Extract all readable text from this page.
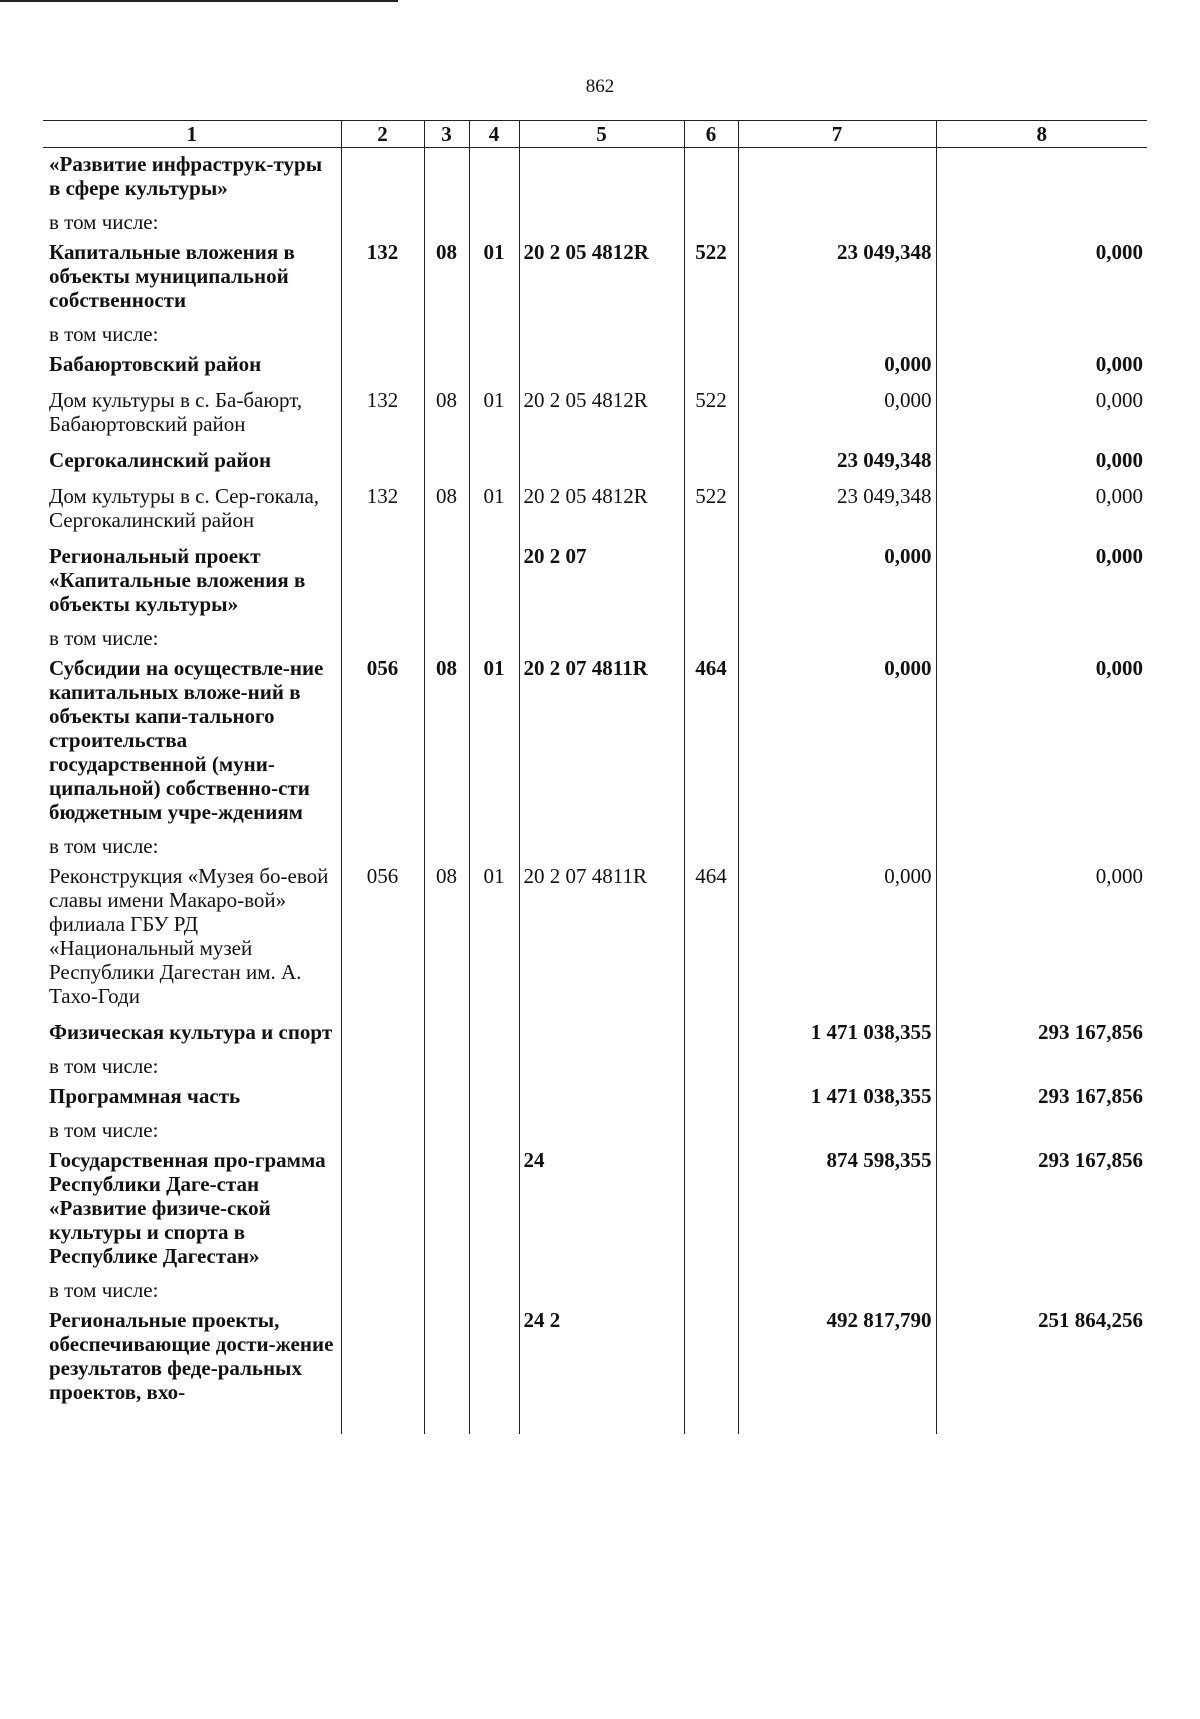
862
1	2	3	4	5	6	7	8
«Развитие инфраструк-туры в сфере культуры»							
в том числе:							
Капитальные вложения в объекты муниципальной собственности	132	08	01	20 2 05 4812R	522	23 049,348	0,000
в том числе:							
Бабаюртовский район						0,000	0,000
Дом культуры в с. Ба-баюрт, Бабаюртовский район	132	08	01	20 2 05 4812R	522	0,000	0,000
Сергокалинский район						23 049,348	0,000
Дом культуры в с. Сер-гокала, Сергокалинский район	132	08	01	20 2 05 4812R	522	23 049,348	0,000
Региональный проект «Капитальные вложения в объекты культуры»				20 2 07		0,000	0,000
в том числе:							
Субсидии на осуществле-ние капитальных вложе-ний в объекты капи-тального строительства государственной (муни-ципальной) собственно-сти бюджетным учре-ждениям	056	08	01	20 2 07 4811R	464	0,000	0,000
в том числе:							
Реконструкция «Музея бо-евой славы имени Макаро-вой» филиала ГБУ РД «Национальный музей Республики Дагестан им. А. Тахо-Годи	056	08	01	20 2 07 4811R	464	0,000	0,000
Физическая культура и спорт						1 471 038,355	293 167,856
в том числе:							
Программная часть						1 471 038,355	293 167,856
в том числе:							
Государственная про-грамма Республики Даге-стан «Развитие физиче-ской культуры и спорта в Республике Дагестан»				24		874 598,355	293 167,856
в том числе:							
Региональные проекты, обеспечивающие дости-жение результатов феде-ральных проектов, вхо-				24 2		492 817,790	251 864,256
